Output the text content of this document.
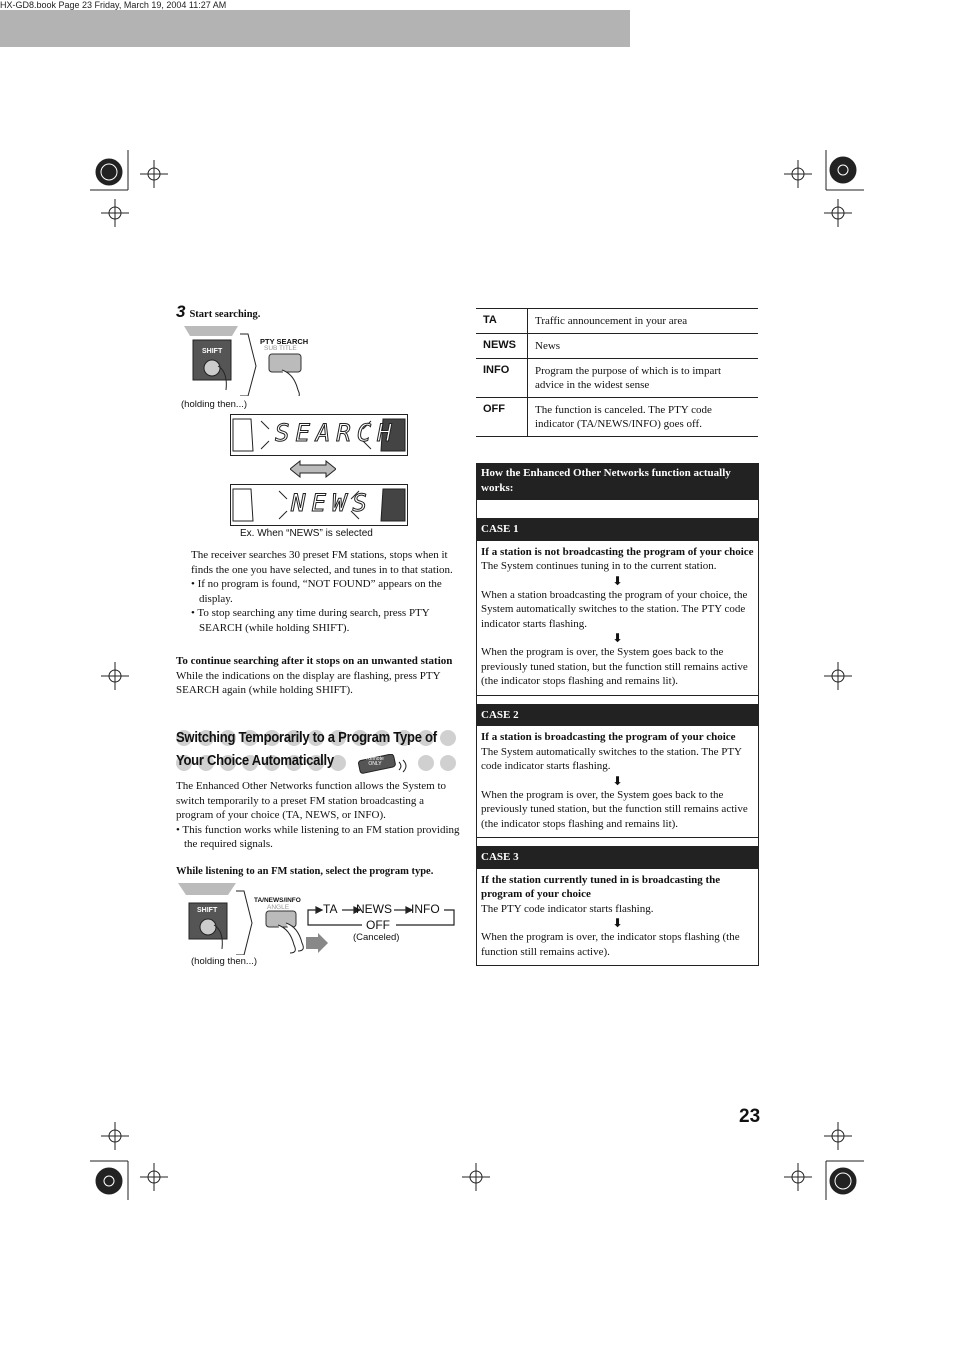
HX-GD8.book Page 23 Friday, March 19, 2004 11:27 AM
3 Start searching.
SHIFT
PTY SEARCH
SUB TITLE
(holding then...)
SEARCH
NEWS
Ex. When “NEWS” is selected

The receiver searches 30 preset FM stations, stops when it finds the one you have selected, and tunes in to that station.

• If no program is found, “NOT FOUND” appears on the display.

• To stop searching any time during search, press PTY SEARCH (while holding SHIFT).

To continue searching after it stops on an unwanted station
While the indications on the display are flashing, press PTY SEARCH again (while holding SHIFT).
Switching Temporarily to a Program Type of
Your Choice Automatically	Remote ONLY
The Enhanced Other Networks function allows the System to switch temporarily to a preset FM station broadcasting a program of your choice (TA, NEWS, or INFO).

• This function works while listening to an FM station providing the required signals.

While listening to an FM station, select the program type.
SHIFT
TA/NEWS/INFO
ANGLE	TA NEWS INFO
OFF
(Canceled)
(holding then...)
TA	Traffic announcement in your area
NEWS	News
INFO	Program the purpose of which is to impart advice in the widest sense
OFF	The function is canceled. The PTY code indicator (TA/NEWS/INFO) goes off.
How the Enhanced Other Networks function actually works:
CASE 1
If a station is not broadcasting the program of your choice
The System continues tuning in to the current station.
⬇
When a station broadcasting the program of your choice, the System automatically switches to the station. The PTY code indicator starts flashing.
⬇
When the program is over, the System goes back to the previously tuned station, but the function still remains active (the indicator stops flashing and remains lit).
CASE 2
If a station is broadcasting the program of your choice
The System automatically switches to the station. The PTY code indicator starts flashing.
⬇
When the program is over, the System goes back to the previously tuned station, but the function still remains active (the indicator stops flashing and remains lit).
CASE 3
If the station currently tuned in is broadcasting the program of your choice
The PTY code indicator starts flashing.
⬇
When the program is over, the indicator stops flashing (the function still remains active).
23
